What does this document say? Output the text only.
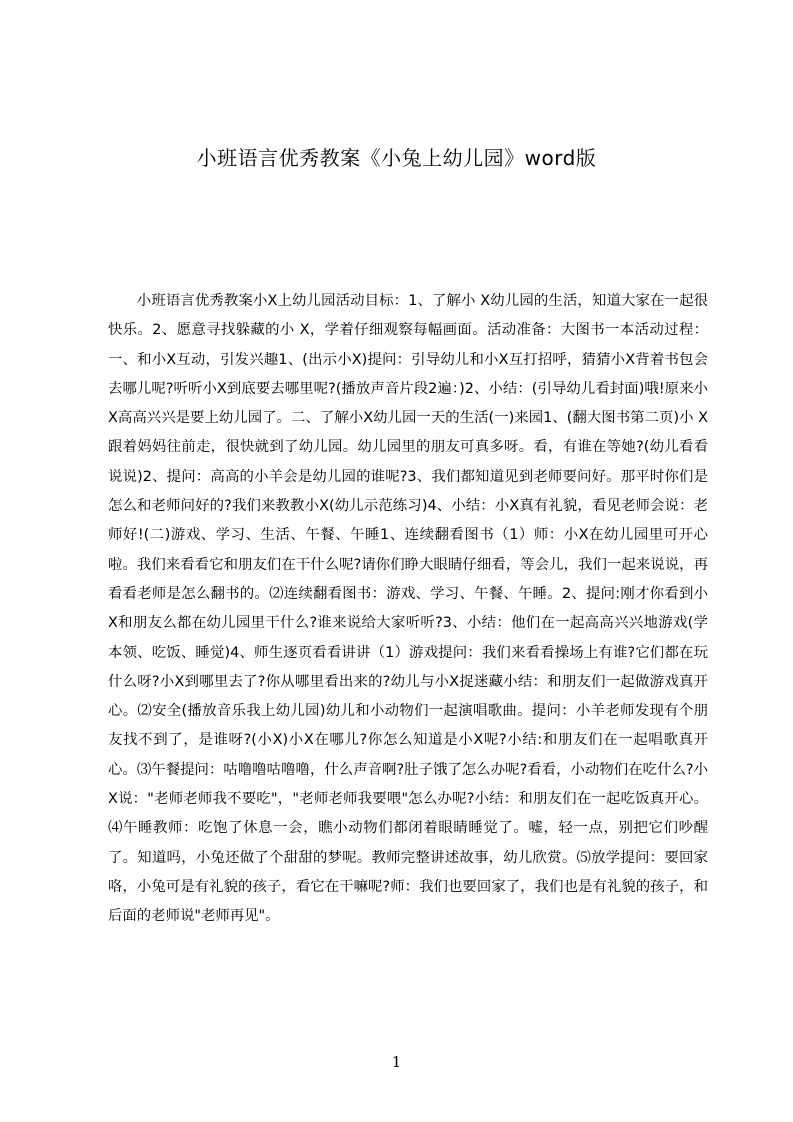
小班语言优秀教案《小兔上幼儿园》word版

小班语言优秀教案小X上幼儿园活动目标：1、了解小 X幼儿园的生活，知道大家在一起很快乐。2、愿意寻找躲藏的小 X，学着仔细观察每幅画面。活动准备：大图书一本活动过程：一、和小X互动，引发兴趣1、(出示小X)提问：引导幼儿和小X互打招呼，猜猜小X背着书包会去哪儿呢?听听小X到底要去哪里呢?(播放声音片段2遍：)2、小结：(引导幼儿看封面)哦!原来小 X高高兴兴是要上幼儿园了。二、了解小X幼儿园一天的生活(一)来园1、(翻大图书第二页)小 X跟着妈妈往前走，很快就到了幼儿园。幼儿园里的朋友可真多呀。看，有谁在等她?(幼儿看看说说)2、提问：高高的小羊会是幼儿园的谁呢?3、我们都知道见到老师要问好。那平时你们是怎么和老师问好的?我们来教教小X(幼儿示范练习)4、小结：小X真有礼貌，看见老师会说：老师好!(二)游戏、学习、生活、午餐、午睡1、连续翻看图书（1）师：小X在幼儿园里可开心啦。我们来看看它和朋友们在干什么呢?请你们睁大眼睛仔细看，等会儿，我们一起来说说，再看看老师是怎么翻书的。⑵连续翻看图书：游戏、学习、午餐、午睡。2、提问:刚才你看到小 X和朋友么都在幼儿园里干什么?谁来说给大家听听?3、小结：他们在一起高高兴兴地游戏(学本领、吃饭、睡觉)4、师生逐页看看讲讲（1）游戏提问：我们来看看操场上有谁?它们都在玩什么呀?小X到哪里去了?你从哪里看出来的?幼儿与小X捉迷藏小结：和朋友们一起做游戏真开心。⑵安全(播放音乐我上幼儿园)幼儿和小动物们一起演唱歌曲。提问：小羊老师发现有个朋友找不到了，是谁呀?(小X)小X在哪儿?你怎么知道是小X呢?小结:和朋友们在一起唱歌真开心。⑶午餐提问：咕噜噜咕噜噜，什么声音啊?肚子饿了怎么办呢?看看，小动物们在吃什么?小X说："老师老师我不要吃"，"老师老师我要喂"怎么办呢?小结：和朋友们在一起吃饭真开心。⑷午睡教师：吃饱了休息一会，瞧小动物们都闭着眼睛睡觉了。嘘，轻一点，别把它们吵醒了。知道吗，小兔还做了个甜甜的梦呢。教师完整讲述故事，幼儿欣赏。⑸放学提问：要回家咯，小兔可是有礼貌的孩子，看它在干嘛呢?师：我们也要回家了，我们也是有礼貌的孩子，和后面的老师说"老师再见"。

1
